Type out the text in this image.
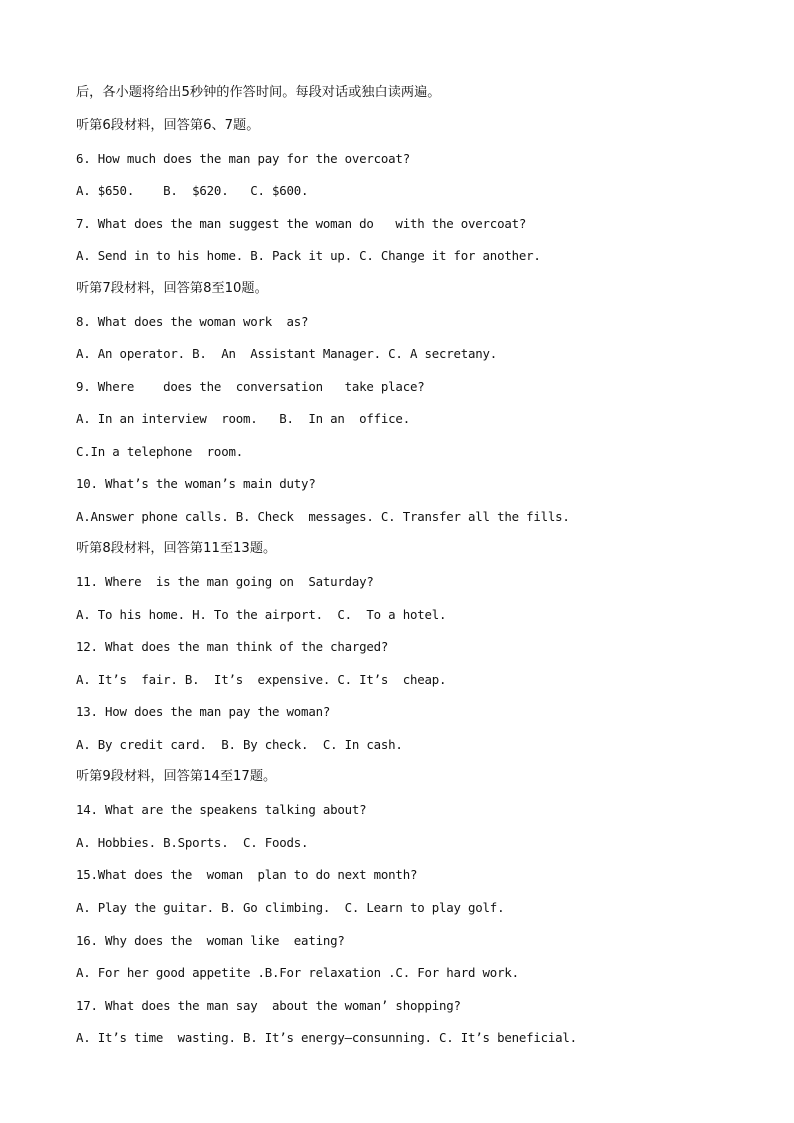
后，各小题将给出5秒钟的作答时间。每段对话或独白读两遍。
听第6段材料，回答第6、7题。
6. How much does the man pay for the overcoat?
A. $650.    B.  $620.   C. $600.
7. What does the man suggest the woman do   with the overcoat?
A. Send in to his home. B. Pack it up. C. Change it for another.
听第7段材料，回答第8至10题。
8. What does the woman work  as?
A. An operator. B.  An  Assistant Manager. C. A secretany.
9. Where    does the  conversation   take place?
A. In an interview  room.   B.  In an  office.
C.In a telephone  room.
10. What’s the woman’s main duty?
A.Answer phone calls. B. Check  messages. C. Transfer all the fills.
听第8段材料，回答第11至13题。
11. Where  is the man going on  Saturday?
A. To his home. H. To the airport.  C.  To a hotel.
12. What does the man think of the charged?
A. It’s  fair. B.  It’s  expensive. C. It’s  cheap.
13. How does the man pay the woman?
A. By credit card.  B. By check.  C. In cash.
听第9段材料，回答第14至17题。
14. What are the speakens talking about?
A. Hobbies. B.Sports.  C. Foods.
15.What does the  woman  plan to do next month?
A. Play the guitar. B. Go climbing.  C. Learn to play golf.
16. Why does the  woman like  eating?
A. For her good appetite .B.For relaxation .C. For hard work.
17. What does the man say  about the woman’ shopping?
A. It’s time  wasting. B. It’s energy—consunning. C. It’s beneficial.
